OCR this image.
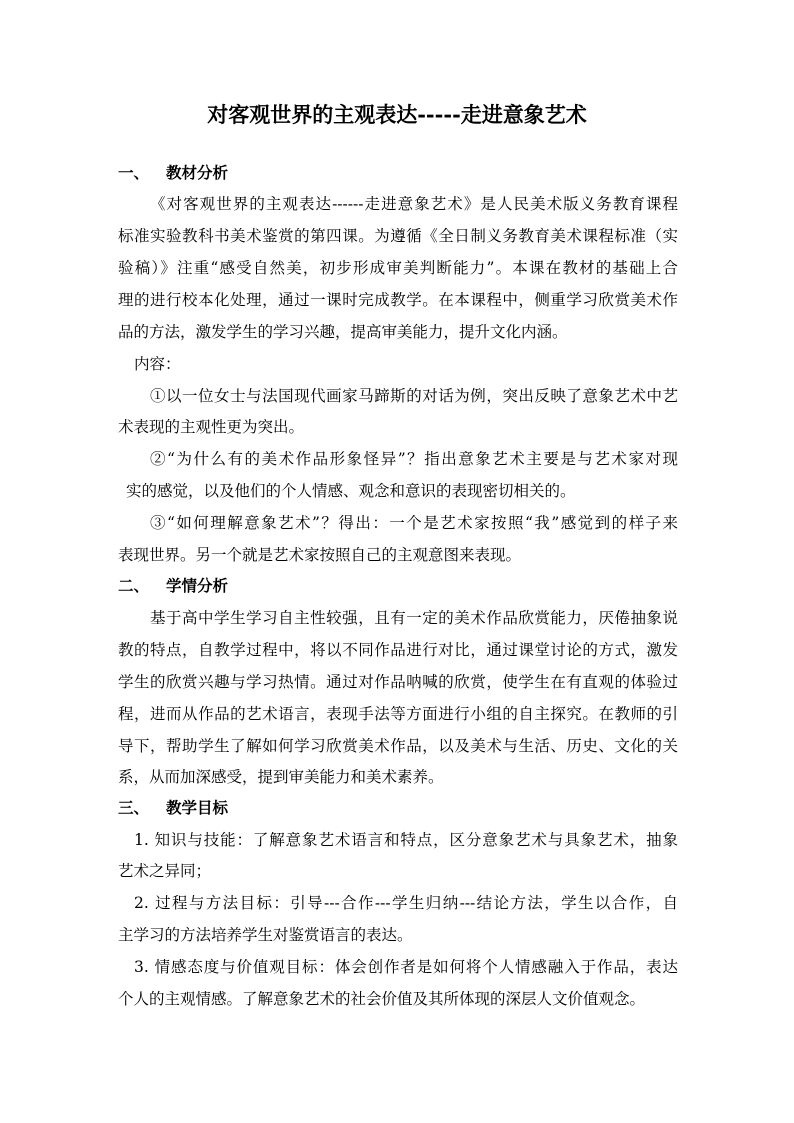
对客观世界的主观表达-----走进意象艺术
一、 教材分析
《对客观世界的主观表达------走进意象艺术》是人民美术版义务教育课程
标准实验教科书美术鉴赏的第四课。为遵循《全日制义务教育美术课程标准（实
验稿）》注重“感受自然美，初步形成审美判断能力”。本课在教材的基础上合
理的进行校本化处理，通过一课时完成教学。在本课程中，侧重学习欣赏美术作
品的方法，激发学生的学习兴趣，提高审美能力，提升文化内涵。
内容：
①以一位女士与法国现代画家马蹄斯的对话为例，突出反映了意象艺术中艺
术表现的主观性更为突出。
②“为什么有的美术作品形象怪异”？指出意象艺术主要是与艺术家对现
实的感觉，以及他们的个人情感、观念和意识的表现密切相关的。
③“如何理解意象艺术”？得出：一个是艺术家按照“我”感觉到的样子来
表现世界。另一个就是艺术家按照自己的主观意图来表现。
二、 学情分析
基于高中学生学习自主性较强，且有一定的美术作品欣赏能力，厌倦抽象说
教的特点，自教学过程中，将以不同作品进行对比，通过课堂讨论的方式，激发
学生的欣赏兴趣与学习热情。通过对作品呐喊的欣赏，使学生在有直观的体验过
程，进而从作品的艺术语言，表现手法等方面进行小组的自主探究。在教师的引
导下，帮助学生了解如何学习欣赏美术作品，以及美术与生活、历史、文化的关
系，从而加深感受，提到审美能力和美术素养。
三、 教学目标
1. 知识与技能：了解意象艺术语言和特点，区分意象艺术与具象艺术，抽象
艺术之异同；
2. 过程与方法目标：引导---合作---学生归纳---结论方法，学生以合作，自
主学习的方法培养学生对鉴赏语言的表达。
3. 情感态度与价值观目标：体会创作者是如何将个人情感融入于作品，表达
个人的主观情感。了解意象艺术的社会价值及其所体现的深层人文价值观念。
